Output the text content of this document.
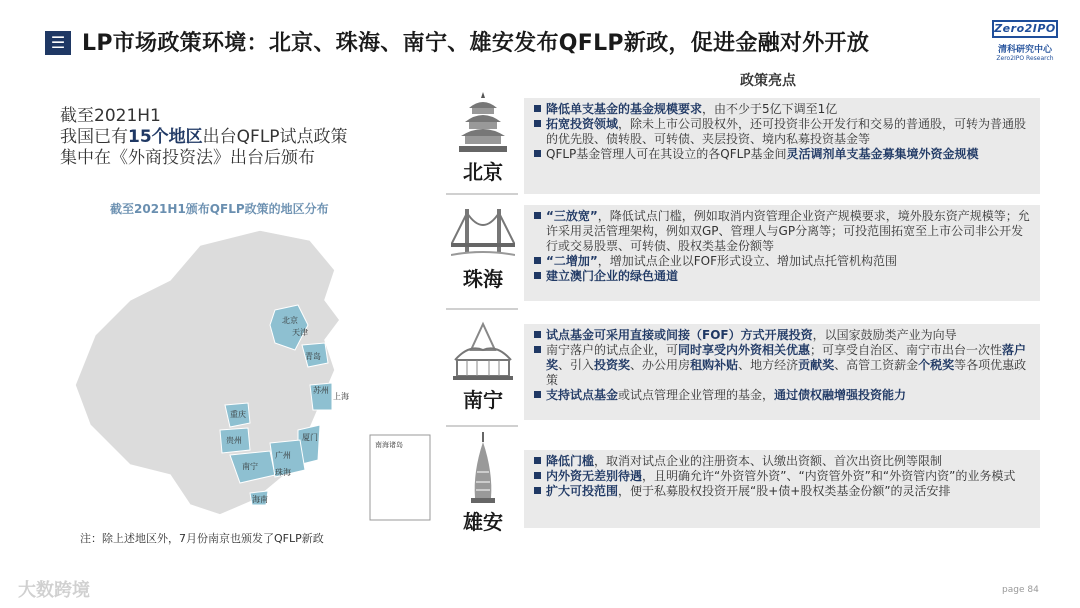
☰ LP市场政策环境：北京、珠海、南宁、雄安发布QFLP新政，促进金融对外开放
Zero2IPO
清科研究中心
Zero2IPO Research
政策亮点
截至2021H1
我国已有15个地区出台QFLP试点政策
集中在《外商投资法》出台后颁布
截至2021H1颁布QFLP政策的地区分布
北京
天津
青岛
苏州
上海
重庆
贵州
南宁
广州
厦门
珠海
海南
南海诸岛
注：除上述地区外，7月份南京也颁发了QFLP新政
北京
珠海
南宁
雄安
降低单支基金的基金规模要求，由不少于5亿下调至1亿
拓宽投资领域，除未上市公司股权外，还可投资非公开发行和交易的普通股，可转为普通股的优先股、债转股、可转债、夹层投资、境内私募投资基金等
QFLP基金管理人可在其设立的各QFLP基金间灵活调剂单支基金募集境外资金规模
“三放宽”，降低试点门槛，例如取消内资管理企业资产规模要求，境外股东资产规模等；允许采用灵活管理架构，例如双GP、管理人与GP分离等；可投范围拓宽至上市公司非公开发行或交易股票、可转债、股权类基金份额等
“二增加”，增加试点企业以FOF形式设立、增加试点托管机构范围
建立澳门企业的绿色通道
试点基金可采用直接或间接（FOF）方式开展投资，以国家鼓励类产业为向导
南宁落户的试点企业，可同时享受内外资相关优惠；可享受自治区、南宁市出台一次性落户奖、引入投资奖、办公用房租购补贴、地方经济贡献奖、高管工资薪金个税奖等各项优惠政策
支持试点基金或试点管理企业管理的基金，通过债权融增强投资能力
降低门槛，取消对试点企业的注册资本、认缴出资额、首次出资比例等限制
内外资无差别待遇，且明确允许“外资管外资”、“内资管外资”和“外资管内资”的业务模式
扩大可投范围，便于私募股权投资开展“股+债+股权类基金份额”的灵活安排
大数跨境	page 84
